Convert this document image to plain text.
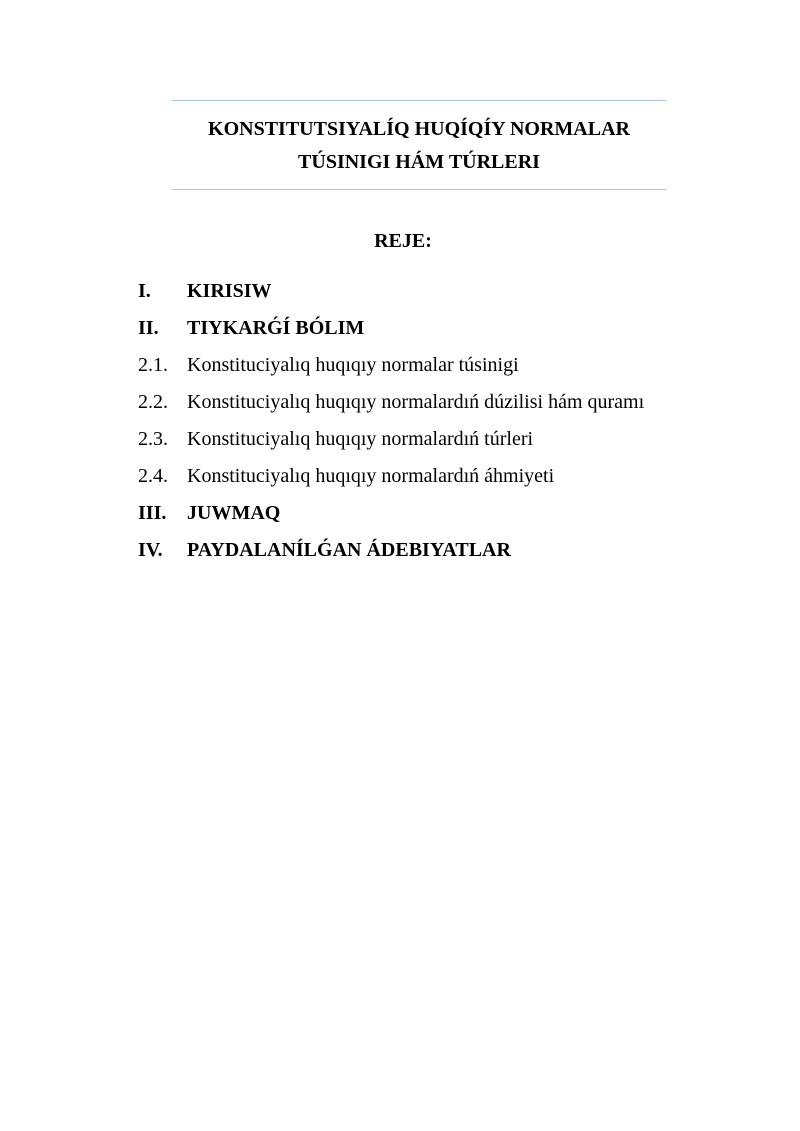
KONSTITUTSIYALÍQ HUQÍQÍY NORMALAR
TÚSINIGI HÁM TÚRLERI
REJE:
I.	KIRISIW
II.	TIYKARǴÍ BÓLIM
2.1. Konstituciyalıq huqıqıy normalar túsinigi
2.2. Konstituciyalıq huqıqıy normalardıń dúzilisi hám quramı
2.3. Konstituciyalıq huqıqıy normalardıń túrleri
2.4. Konstituciyalıq huqıqıy normalardıń áhmiyeti
III.	JUWMAQ
IV.	PAYDALANÍLǴAN ÁDEBIYATLAR
